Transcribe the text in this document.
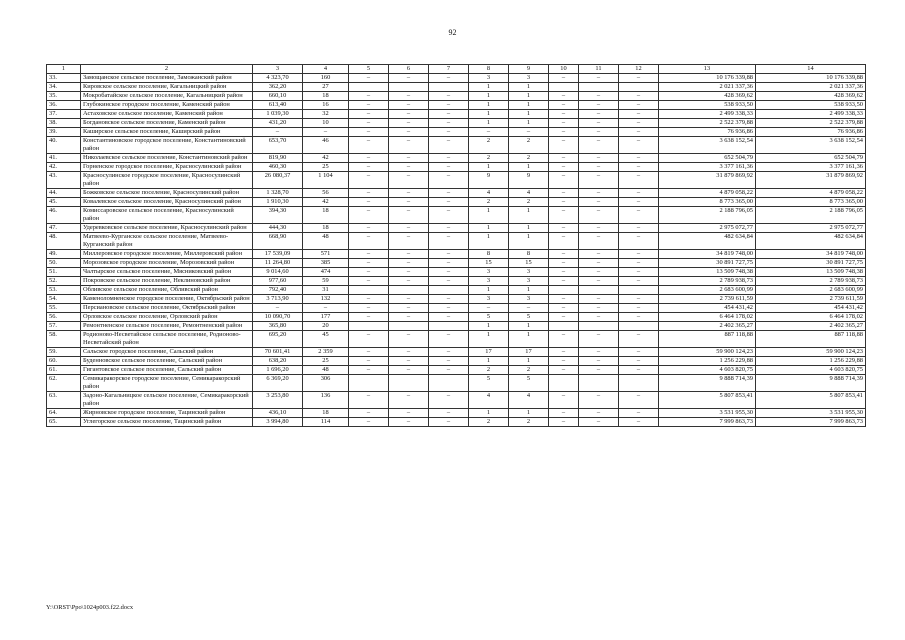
92
1	2	3	4	5	6	7	8	9	10	11	12	13	14
33.	Замощанское сельское поселение, Заможанский район	4 323,70	160	–	–	–	3	3	–	–	–	10 176 339,88	10 176 339,88
34.	Кировское сельское поселение, Кагальницкий район	362,20	27				1	1				2 021 337,36	2 021 337,36
35.	Мокробатайское сельское поселение, Кагальницкий район	660,10	18	–	–	–	1	1	–	–	–	428 369,62	428 369,62
36.	Глубокинское городское поселение, Каменский район	613,40	16	–	–	–	1	1	–	–	–	538 933,50	538 933,50
37.	Астаховское сельское поселение, Каменский район	1 039,30	32	–	–	–	1	1	–	–	–	2 499 338,33	2 499 338,33
38.	Богдановское сельское поселение, Каменский район	431,20	10	–	–	–	1	1	–	–	–	2 522 379,88	2 522 379,88
39.	Каширское сельское поселение, Каширский район	–	–	–	–	–	–	–	–	–	–	76 936,86	76 936,86
40.	Константиновское городское поселение, Константиновский район	653,70	46	–	–	–	2	2	–	–	–	3 638 152,54	3 638 152,54
41.	Николаевское сельское поселение, Константиновский район	819,90	42	–	–	–	2	2	–	–	–	652 504,79	652 504,79
42.	Горненское городское поселение, Красносулинский район	460,30	25	–	–	–	1	1	–	–	–	3 377 161,36	3 377 161,36
43.	Красносулинское городское поселение, Красносулинский район	26 080,37	1 104	–	–	–	9	9	–	–	–	31 879 869,92	31 879 869,92
44.	Божковское сельское поселение, Красносулинский район	1 328,70	56	–	–	–	4	4	–	–	–	4 879 058,22	4 879 058,22
45.	Ковалевское сельское поселение, Красносулинский район	1 910,30	42	–	–	–	2	2	–	–	–	8 773 365,00	8 773 365,00
46.	Комиссаровское сельское поселение, Красносулинский район	394,30	18	–	–	–	1	1	–	–	–	2 188 796,05	2 188 796,05
47.	Удеревковское сельское поселение, Красносулинский район	444,30	18	–	–	–	1	1	–	–	–	2 975 072,77	2 975 072,77
48.	Матвеево-Курганское сельское поселение, Матвеево-Курганский район	668,90	48	–	–	–	1	1	–	–	–	482 634,84	482 634,84
49.	Миллеровское городское поселение, Миллеровский район	17 539,09	571	–	–	–	8	8	–	–	–	34 819 748,00	34 819 748,00
50.	Морозовское городское поселение, Морозовский район	11 264,80	385	–	–	–	15	15	–	–	–	30 891 727,75	30 891 727,75
51.	Чалтырское сельское поселение, Мясниковский район	9 014,60	474	–	–	–	3	3	–	–	–	13 509 748,38	13 509 748,38
52.	Покровское сельское поселение, Неклиновский район	977,60	59	–	–	–	3	3	–	–	–	2 789 938,73	2 789 938,73
53.	Обливское сельское поселение, Обливский район	792,40	31				1	1				2 683 600,99	2 683 600,99
54.	Каменоломненское городское поселение, Октябрьский район	3 713,90	132	–	–	–	3	3	–	–	–	2 739 611,59	2 739 611,59
55.	Персиановское сельское поселение, Октябрьский район	–	–	–	–	–	–	–	–	–	–	454 431,42	454 431,42
56.	Орловское сельское поселение, Орловский район	10 090,70	177	–	–	–	5	5	–	–	–	6 464 178,02	6 464 178,02
57.	Ремонтненское сельское поселение, Ремонтненский район	365,80	20				1	1				2 402 365,27	2 402 365,27
58.	Родионово-Несветайское сельское поселение, Родионово-Несветайский район	695,20	45	–	–	–	1	1	–	–	–	887 118,88	887 118,88
59.	Сальское городское поселение, Сальский район	70 601,41	2 359	–	–	–	17	17	–	–	–	59 900 124,23	59 900 124,23
60.	Буденновское сельское поселение, Сальский район	638,20	25	–	–	–	1	1	–	–	–	1 256 229,88	1 256 229,88
61.	Гигантовское сельское поселение, Сальский район	1 696,20	48	–	–	–	2	2	–	–	–	4 603 820,75	4 603 820,75
62.	Семикаракорское городское поселение, Семикаракорский район	6 369,20	306				5	5				9 888 714,39	9 888 714,39
63.	Задоно-Кагальницкое сельское поселение, Семикаракорский район	3 253,80	136	–	–	–	4	4	–	–	–	5 807 853,41	5 807 853,41
64.	Жирновское городское поселение, Тацинский район	436,10	18	–	–	–	1	1	–	–	–	3 531 955,30	3 531 955,30
65.	Углегорское сельское поселение, Тацинский район	3 994,80	114	–	–	–	2	2	–	–	–	7 999 863,73	7 999 863,73
Y:\ORST\Ppo\1024p003.f22.docx
